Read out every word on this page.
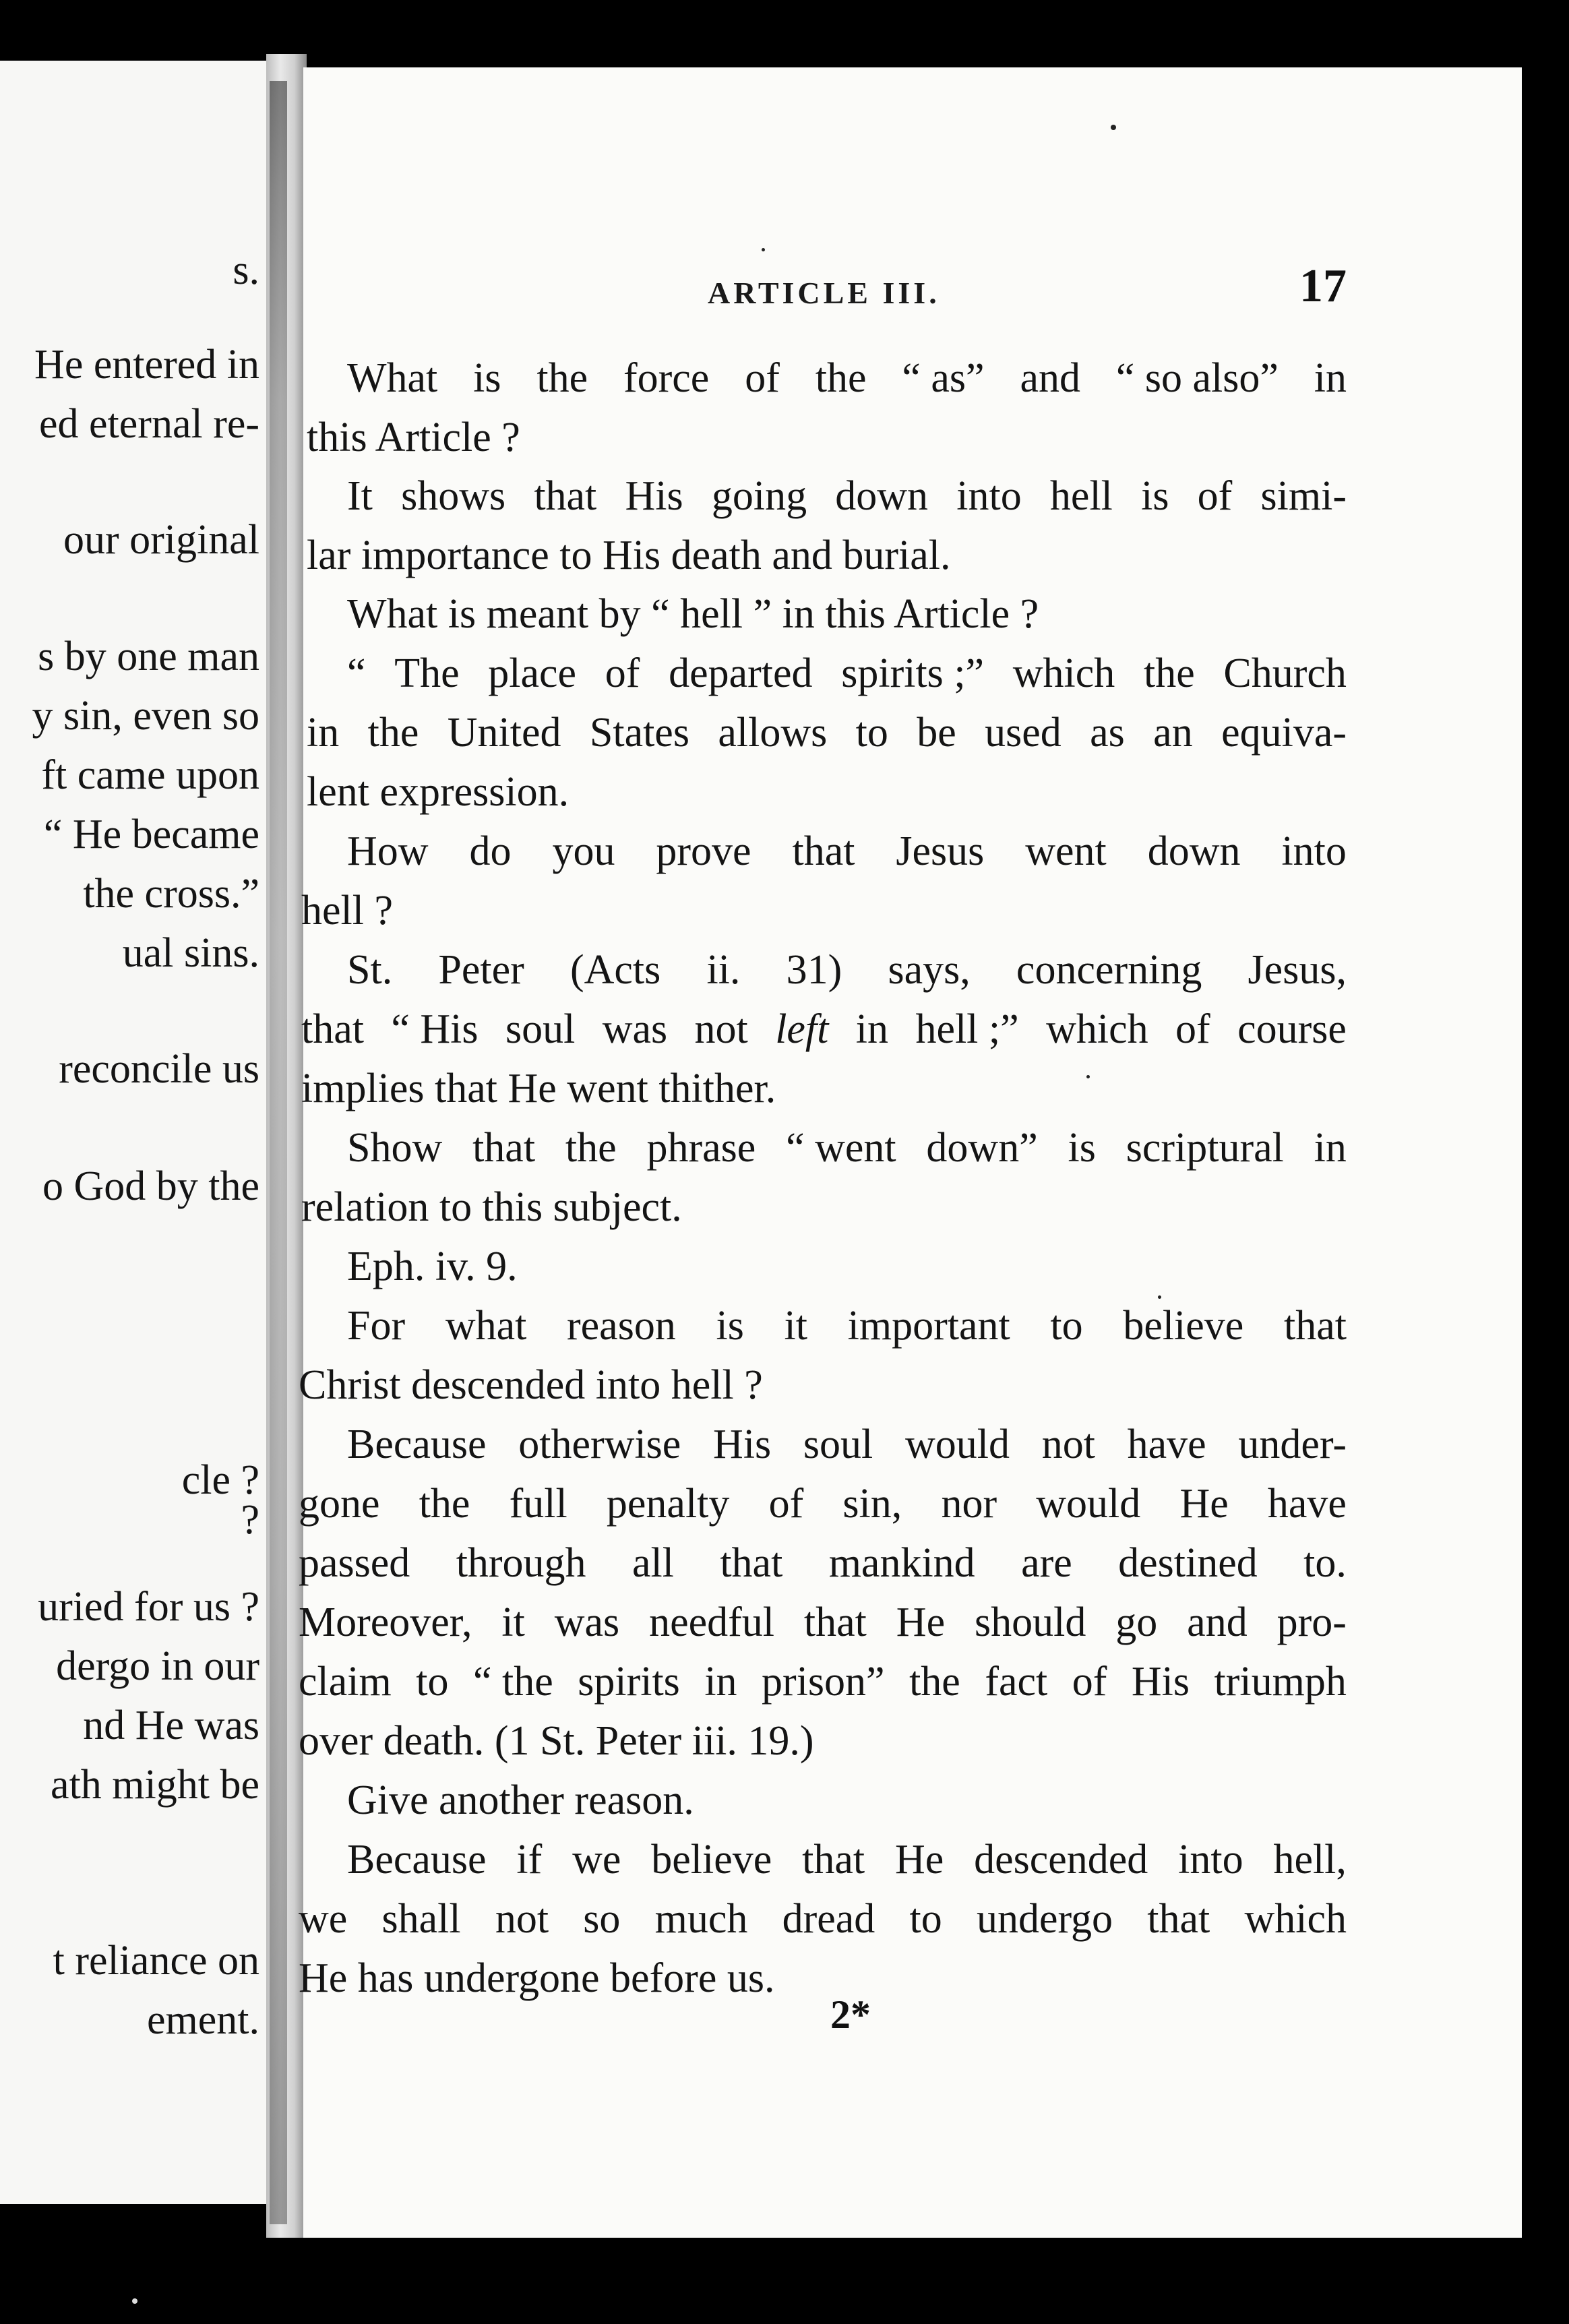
s.
He entered in
ed eternal re-
our original
s by one man
y sin, even so
ft came upon
“ He became
the cross.”
ual sins.
reconcile us
o God by the
cle ?
?
uried for us ?
dergo in our
nd He was
ath might be
t reliance on
ement.
ARTICLE III.	17
What is the force of the “ as” and “ so also” in
this Article ?
It shows that His going down into hell is of simi-
lar importance to His death and burial.
What is meant by “ hell ” in this Article ?
“ The place of departed spirits ;” which the Church
in the United States allows to be used as an equiva-
lent expression.
How do you prove that Jesus went down into
hell ?
St. Peter (Acts ii. 31) says, concerning Jesus,
that “ His soul was not left in hell ;” which of course
implies that He went thither.
Show that the phrase “ went down” is scriptural in
relation to this subject.
Eph. iv. 9.
For what reason is it important to believe that
Christ descended into hell ?
Because otherwise His soul would not have under-
gone the full penalty of sin, nor would He have
passed through all that mankind are destined to.
Moreover, it was needful that He should go and pro-
claim to “ the spirits in prison” the fact of His triumph
over death. (1 St. Peter iii. 19.)
Give another reason.
Because if we believe that He descended into hell,
we shall not so much dread to undergo that which
He has undergone before us.
2*
